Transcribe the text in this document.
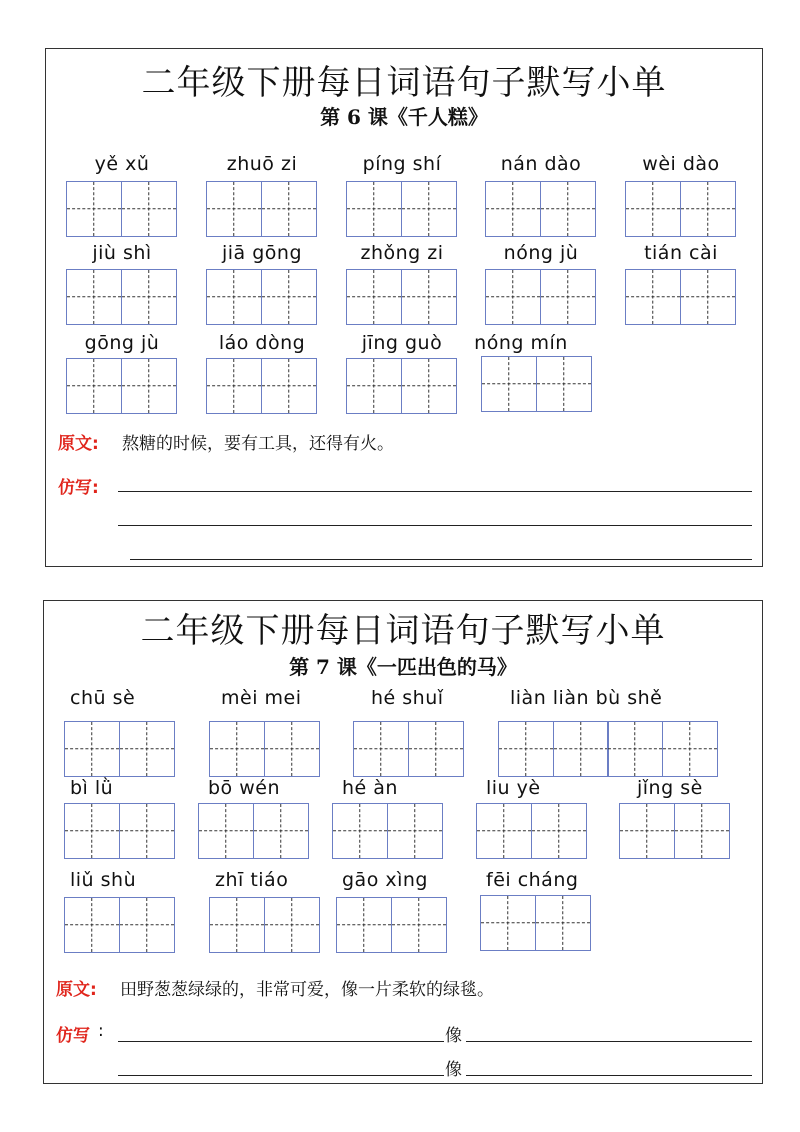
二年级下册每日词语句子默写小单
第 6 课《千人糕》
yě xǔ	zhuō zi	píng shí	nán dào	wèi dào
jiù shì	jiā gōng	zhǒng zi	nóng jù	tián cài
gōng jù	láo dòng	jīng guò	nóng mín
原文: 熬糖的时候，要有工具，还得有火。
仿写:
二年级下册每日词语句子默写小单
第 7 课《一匹出色的马》
chū sè	mèi mei	hé shuǐ	liàn liàn bù shě
bì lǜ	bō wén	hé àn	liu yè	jǐng sè
liǔ shù	zhī tiáo	gāo xìng	fēi cháng
原文: 田野葱葱绿绿的，非常可爱，像一片柔软的绿毯。
仿写 :	像
像
